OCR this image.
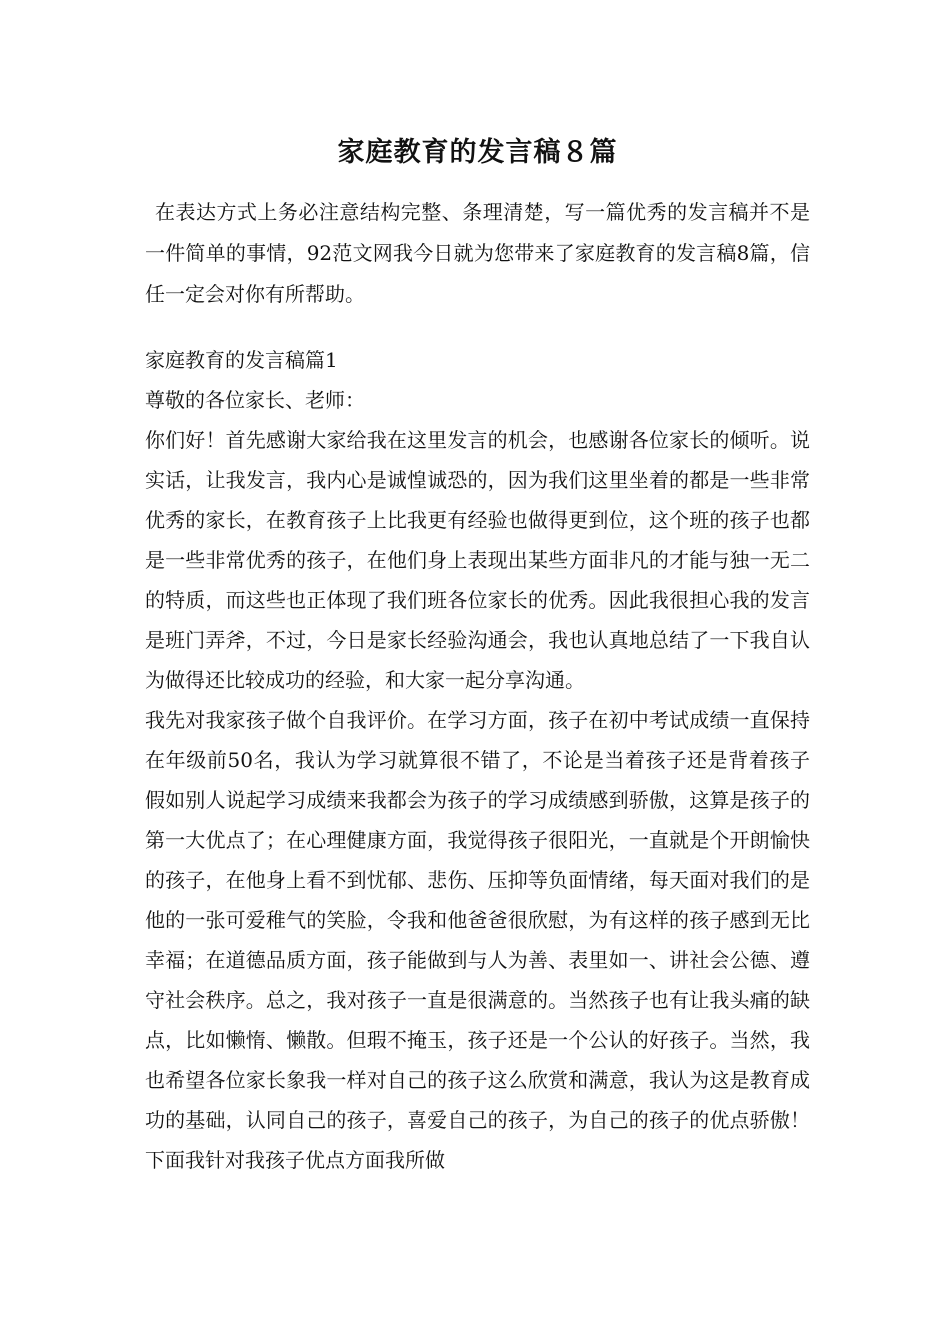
家庭教育的发言稿８篇

在表达方式上务必注意结构完整、条理清楚，写一篇优秀的发言稿并不是一件简单的事情，92范文网我今日就为您带来了家庭教育的发言稿8篇，信任一定会对你有所帮助。

家庭教育的发言稿篇1

尊敬的各位家长、老师：

你们好！首先感谢大家给我在这里发言的机会，也感谢各位家长的倾听。说实话，让我发言，我内心是诚惶诚恐的，因为我们这里坐着的都是一些非常优秀的家长，在教育孩子上比我更有经验也做得更到位，这个班的孩子也都是一些非常优秀的孩子，在他们身上表现出某些方面非凡的才能与独一无二的特质，而这些也正体现了我们班各位家长的优秀。因此我很担心我的发言是班门弄斧，不过，今日是家长经验沟通会，我也认真地总结了一下我自认为做得还比较成功的经验，和大家一起分享沟通。

我先对我家孩子做个自我评价。在学习方面，孩子在初中考试成绩一直保持在年级前50名，我认为学习就算很不错了，不论是当着孩子还是背着孩子假如别人说起学习成绩来我都会为孩子的学习成绩感到骄傲，这算是孩子的第一大优点了；在心理健康方面，我觉得孩子很阳光，一直就是个开朗愉快的孩子，在他身上看不到忧郁、悲伤、压抑等负面情绪，每天面对我们的是他的一张可爱稚气的笑脸，令我和他爸爸很欣慰，为有这样的孩子感到无比幸福；在道德品质方面，孩子能做到与人为善、表里如一、讲社会公德、遵守社会秩序。总之，我对孩子一直是很满意的。当然孩子也有让我头痛的缺点，比如懒惰、懒散。但瑕不掩玉，孩子还是一个公认的好孩子。当然，我也希望各位家长象我一样对自己的孩子这么欣赏和满意，我认为这是教育成功的基础，认同自己的孩子，喜爱自己的孩子，为自己的孩子的优点骄傲！下面我针对我孩子优点方面我所做
